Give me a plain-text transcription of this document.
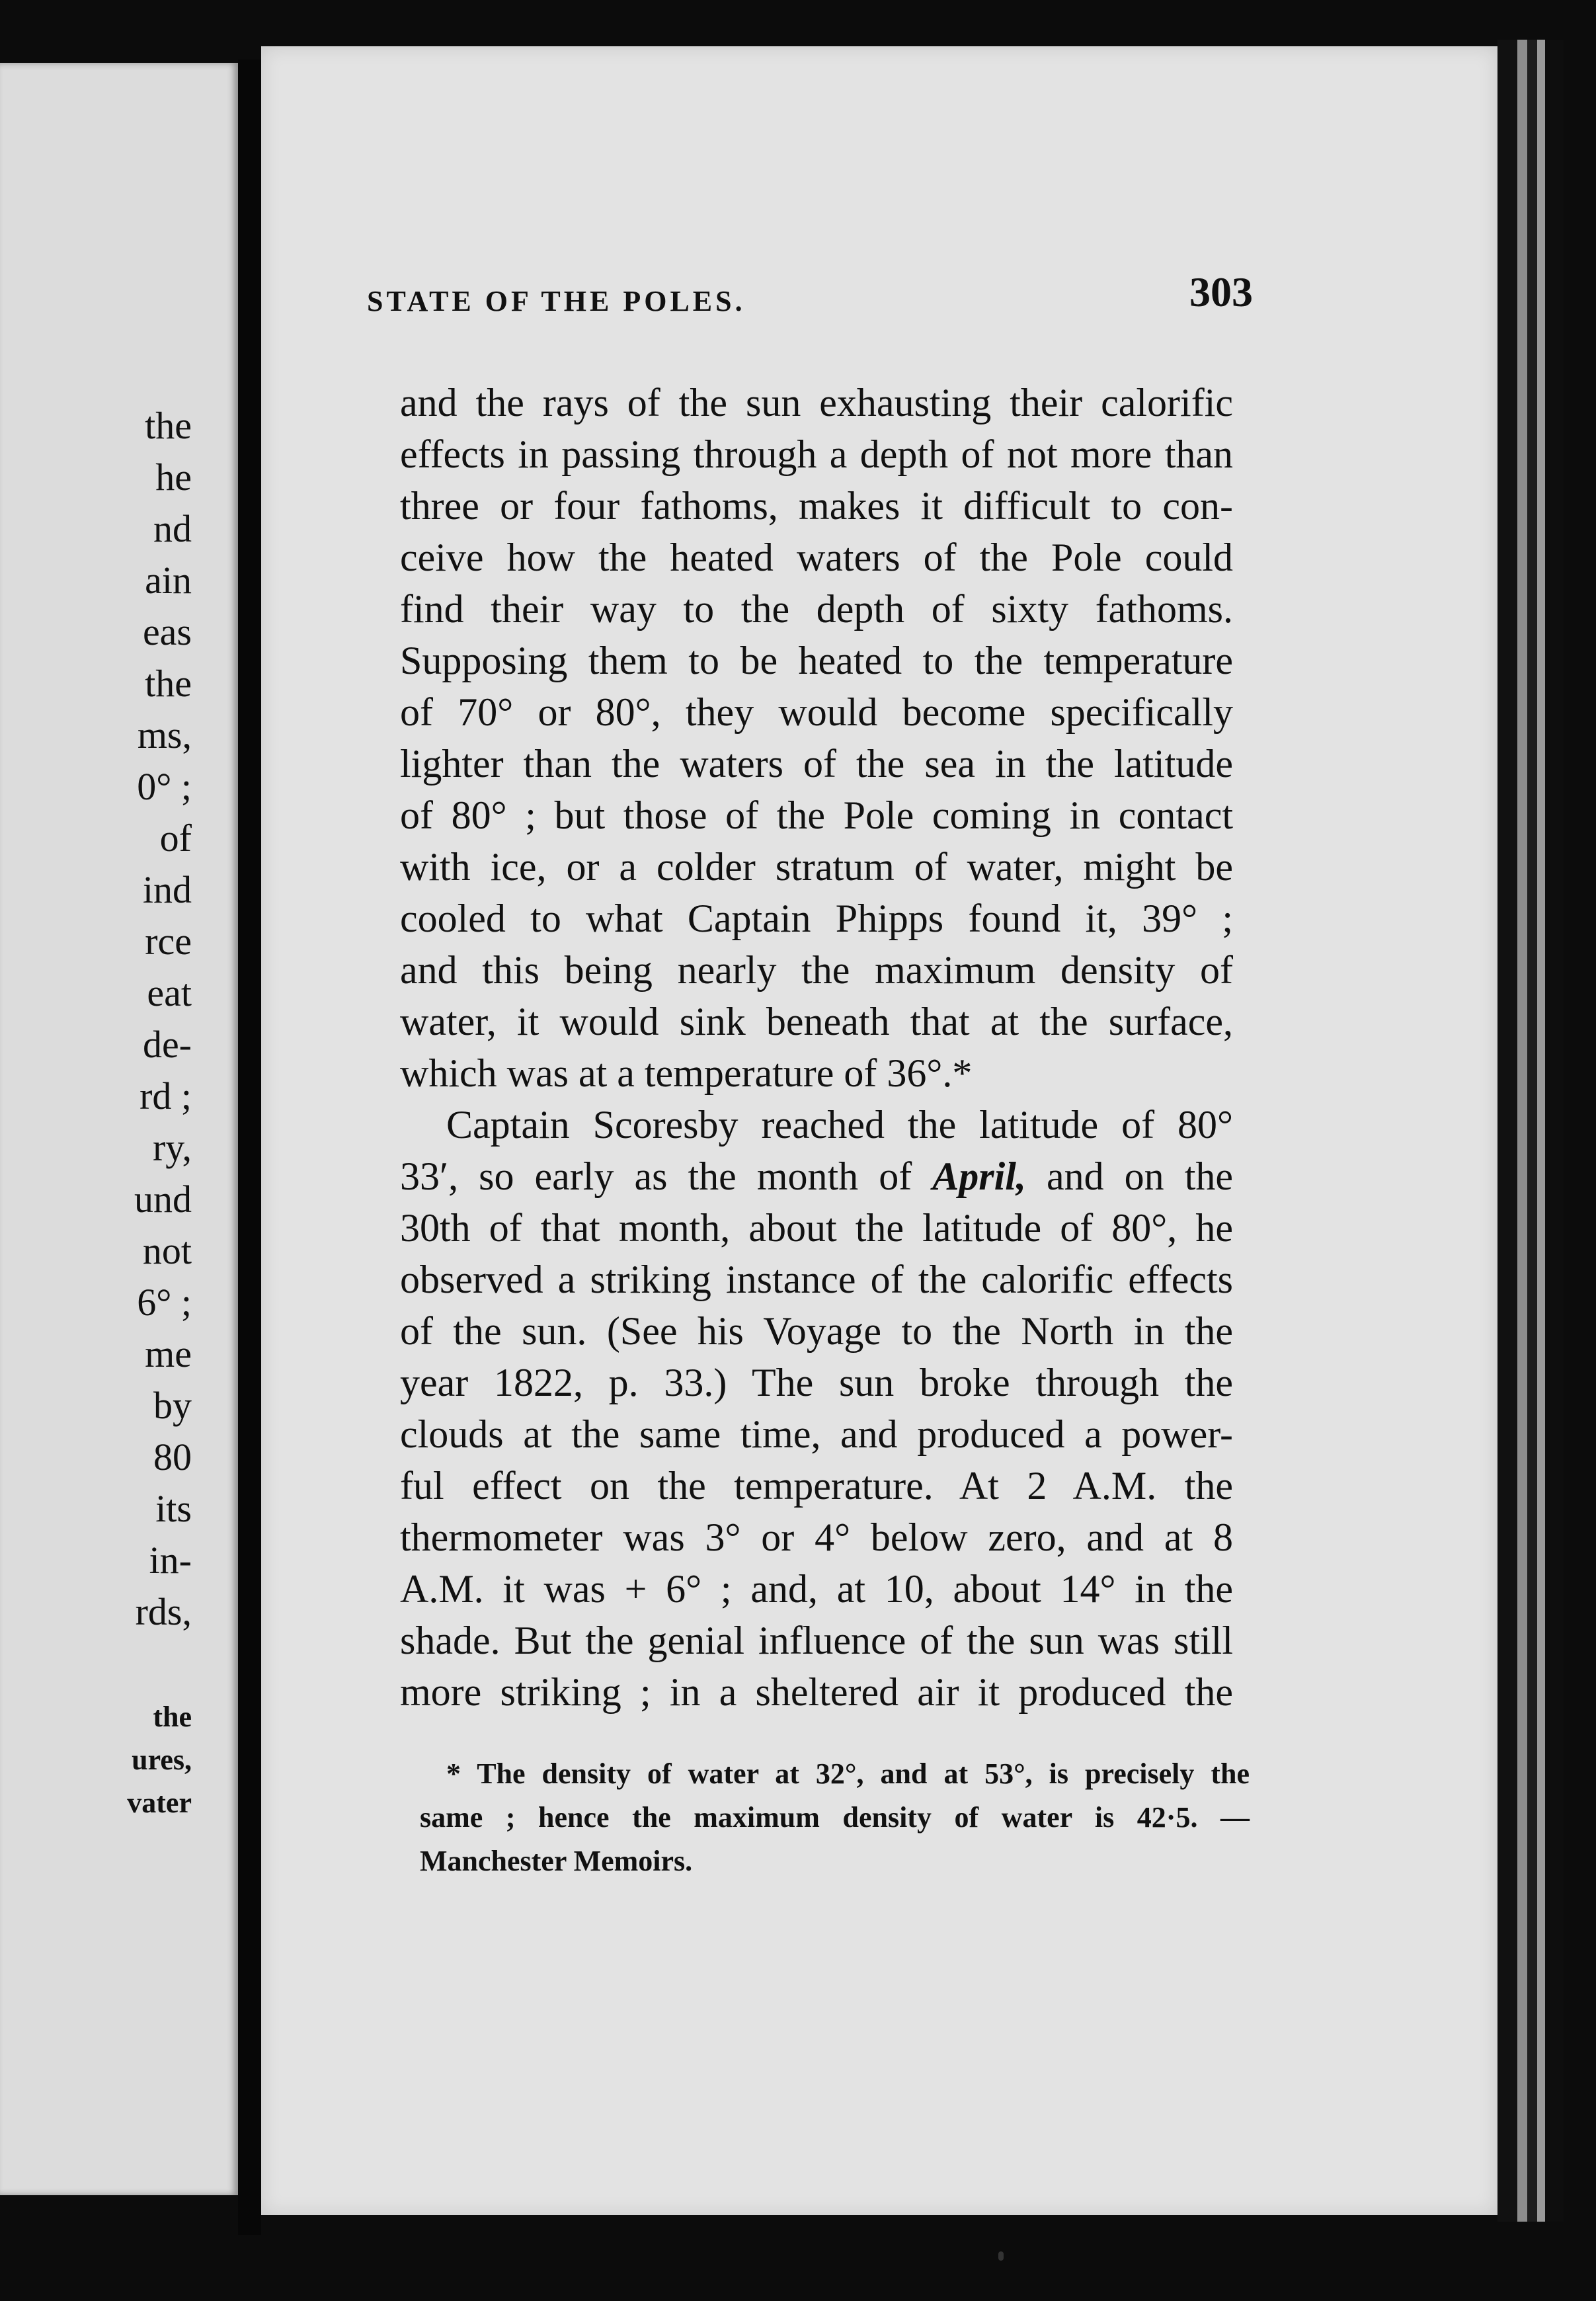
the
he
nd
ain
eas
the
ms,
0° ;
of
ind
rce
eat
de-
rd ;
ry,
und
not
6° ;
me
by
80
its
in-
rds,
the
ures,
vater
STATE OF THE POLES.	303
and the rays of the sun exhausting their calorific
effects in passing through a depth of not more than
three or four fathoms, makes it difficult to con-
ceive how the heated waters of the Pole could
find their way to the depth of sixty fathoms.
Supposing them to be heated to the temperature
of 70° or 80°, they would become specifically
lighter than the waters of the sea in the latitude
of 80° ; but those of the Pole coming in contact
with ice, or a colder stratum of water, might be
cooled to what Captain Phipps found it, 39° ;
and this being nearly the maximum density of
water, it would sink beneath that at the surface,
which was at a temperature of 36°.*
Captain Scoresby reached the latitude of 80°
33′, so early as the month of April, and on the
30th of that month, about the latitude of 80°, he
observed a striking instance of the calorific effects
of the sun. (See his Voyage to the North in the
year 1822, p. 33.) The sun broke through the
clouds at the same time, and produced a power-
ful effect on the temperature. At 2 A.M. the
thermometer was 3° or 4° below zero, and at 8
A.M. it was + 6° ; and, at 10, about 14° in the
shade. But the genial influence of the sun was still
more striking ; in a sheltered air it produced the
* The density of water at 32°, and at 53°, is precisely the
same ; hence the maximum density of water is 42·5. —
Manchester Memoirs.
